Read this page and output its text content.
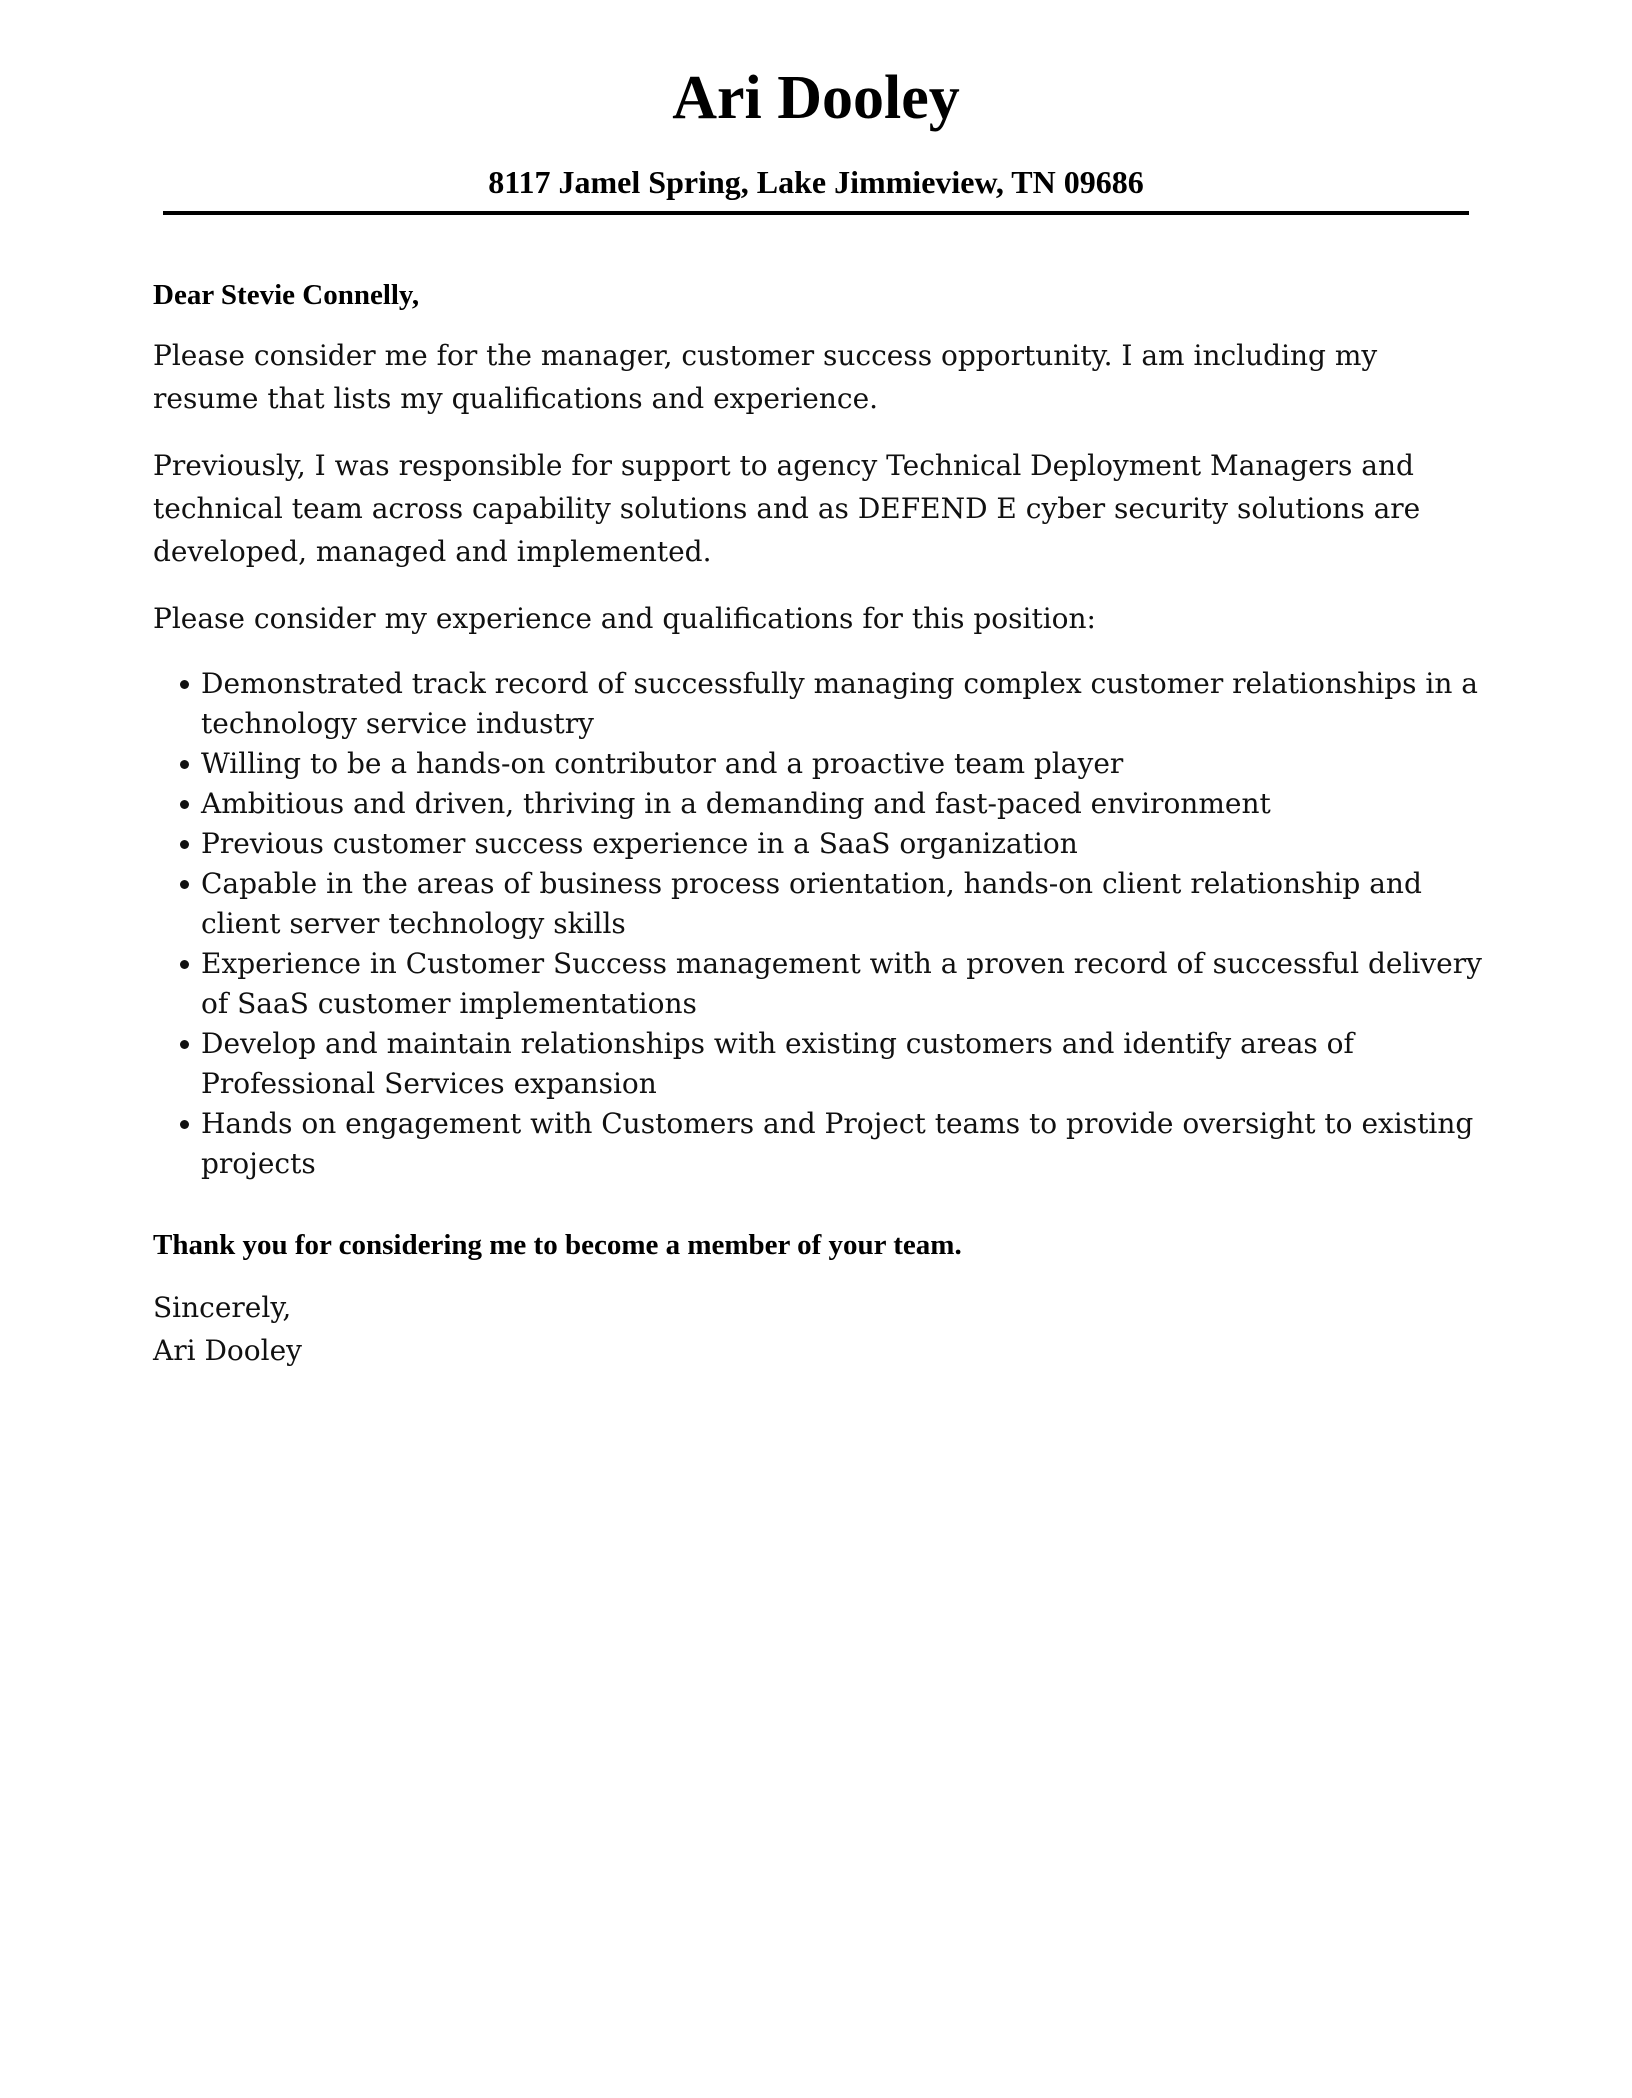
Ari Dooley
8117 Jamel Spring, Lake Jimmieview, TN 09686

Dear Stevie Connelly,

Please consider me for the manager, customer success opportunity. I am including my resume that lists my qualifications and experience.

Previously, I was responsible for support to agency Technical Deployment Managers and technical team across capability solutions and as DEFEND E cyber security solutions are developed, managed and implemented.

Please consider my experience and qualifications for this position:

Demonstrated track record of successfully managing complex customer relationships in a technology service industry
Willing to be a hands-on contributor and a proactive team player
Ambitious and driven, thriving in a demanding and fast-paced environment
Previous customer success experience in a SaaS organization
Capable in the areas of business process orientation, hands-on client relationship and client server technology skills
Experience in Customer Success management with a proven record of successful delivery of SaaS customer implementations
Develop and maintain relationships with existing customers and identify areas of Professional Services expansion
Hands on engagement with Customers and Project teams to provide oversight to existing projects

Thank you for considering me to become a member of your team.

Sincerely,

Ari Dooley
